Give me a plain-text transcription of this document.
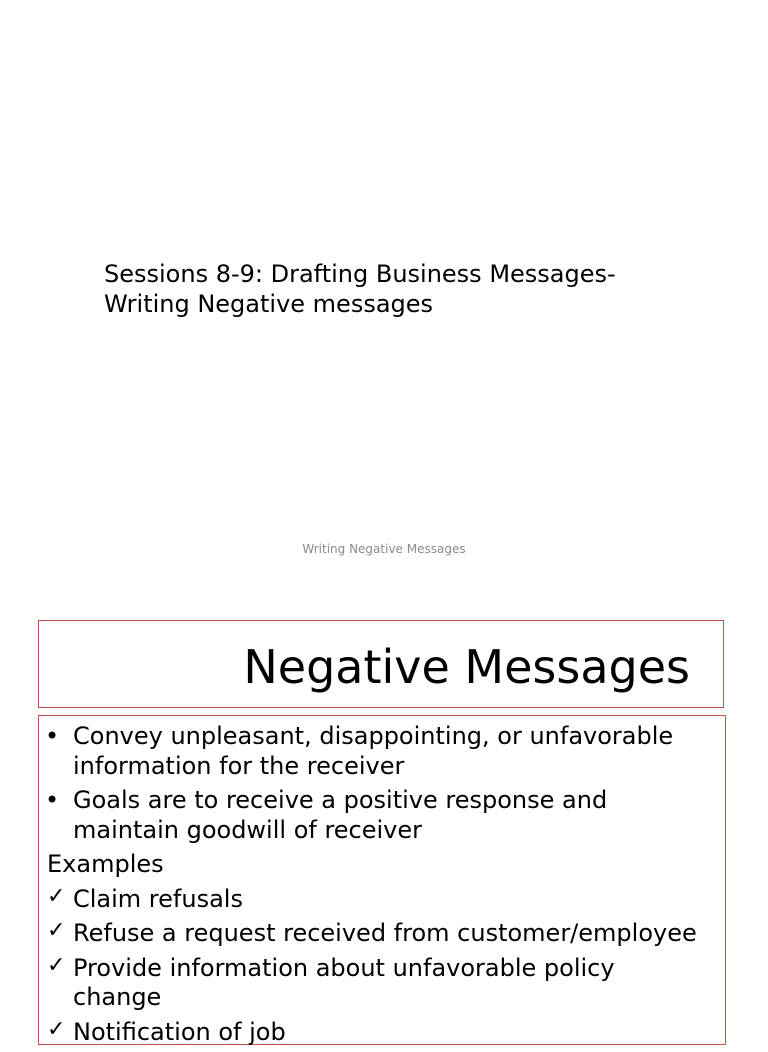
Sessions 8-9: Drafting Business Messages-
Writing Negative messages
Writing Negative Messages
Negative Messages
• Convey unpleasant, disappointing, or unfavorable
information for the receiver
• Goals are to receive a positive response and
maintain goodwill of receiver
Examples
✓ Claim refusals
✓ Refuse a request received from customer/employee
✓ Provide information about unfavorable policy
change
✓ Notification of job
